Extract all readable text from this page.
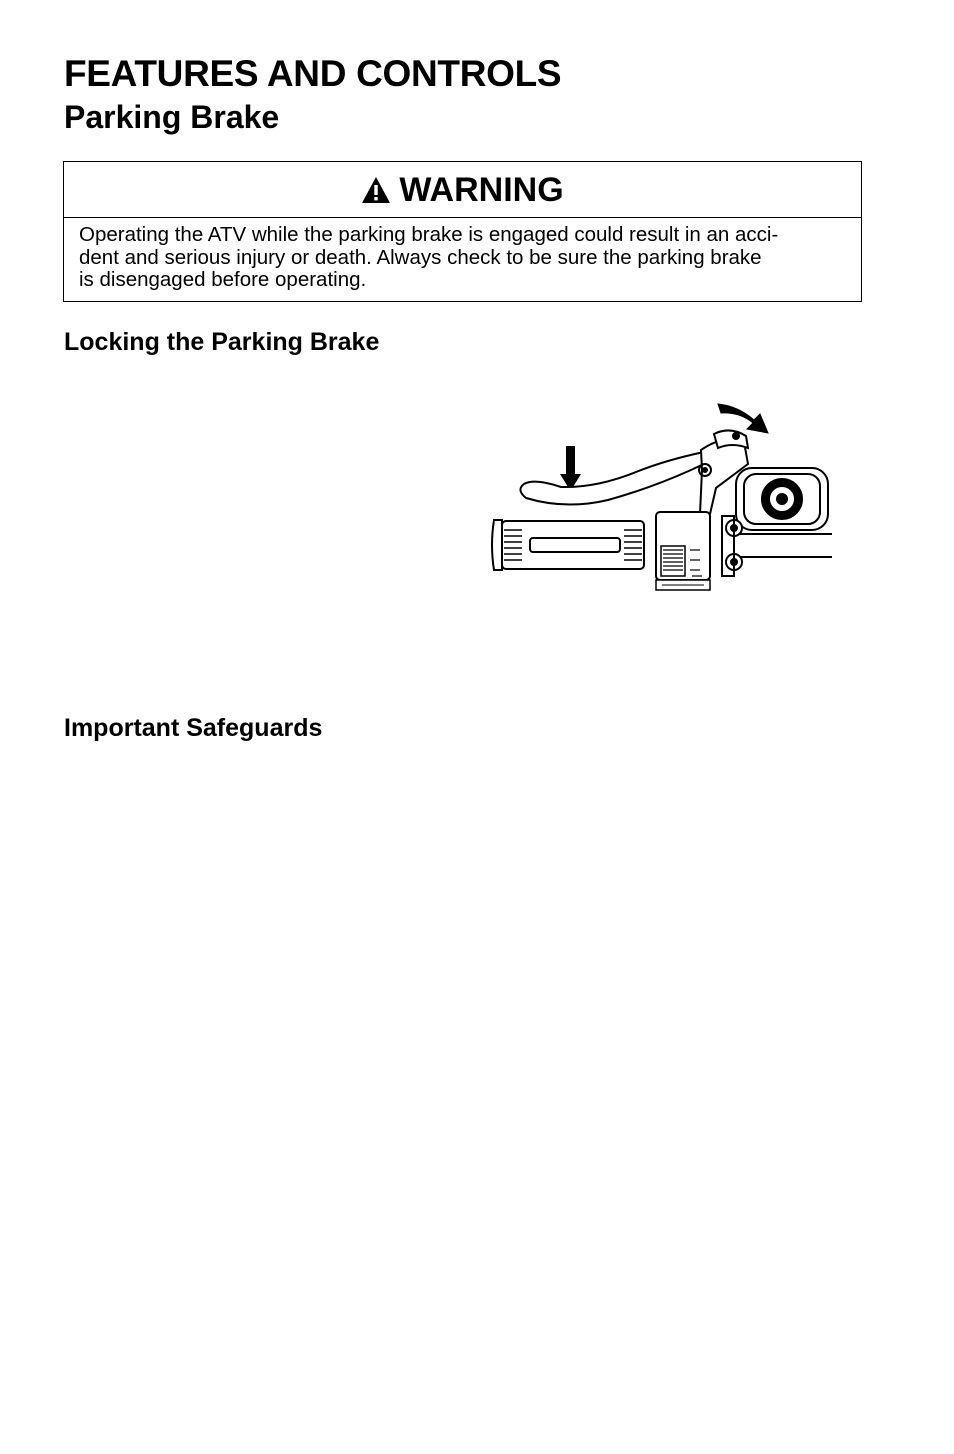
FEATURES AND CONTROLS
Parking Brake
WARNING
Operating the ATV while the parking brake is engaged could result in an acci-
dent and serious injury or death. Always check to be sure the parking brake
is disengaged before operating.
Locking the Parking Brake
Important Safeguards
